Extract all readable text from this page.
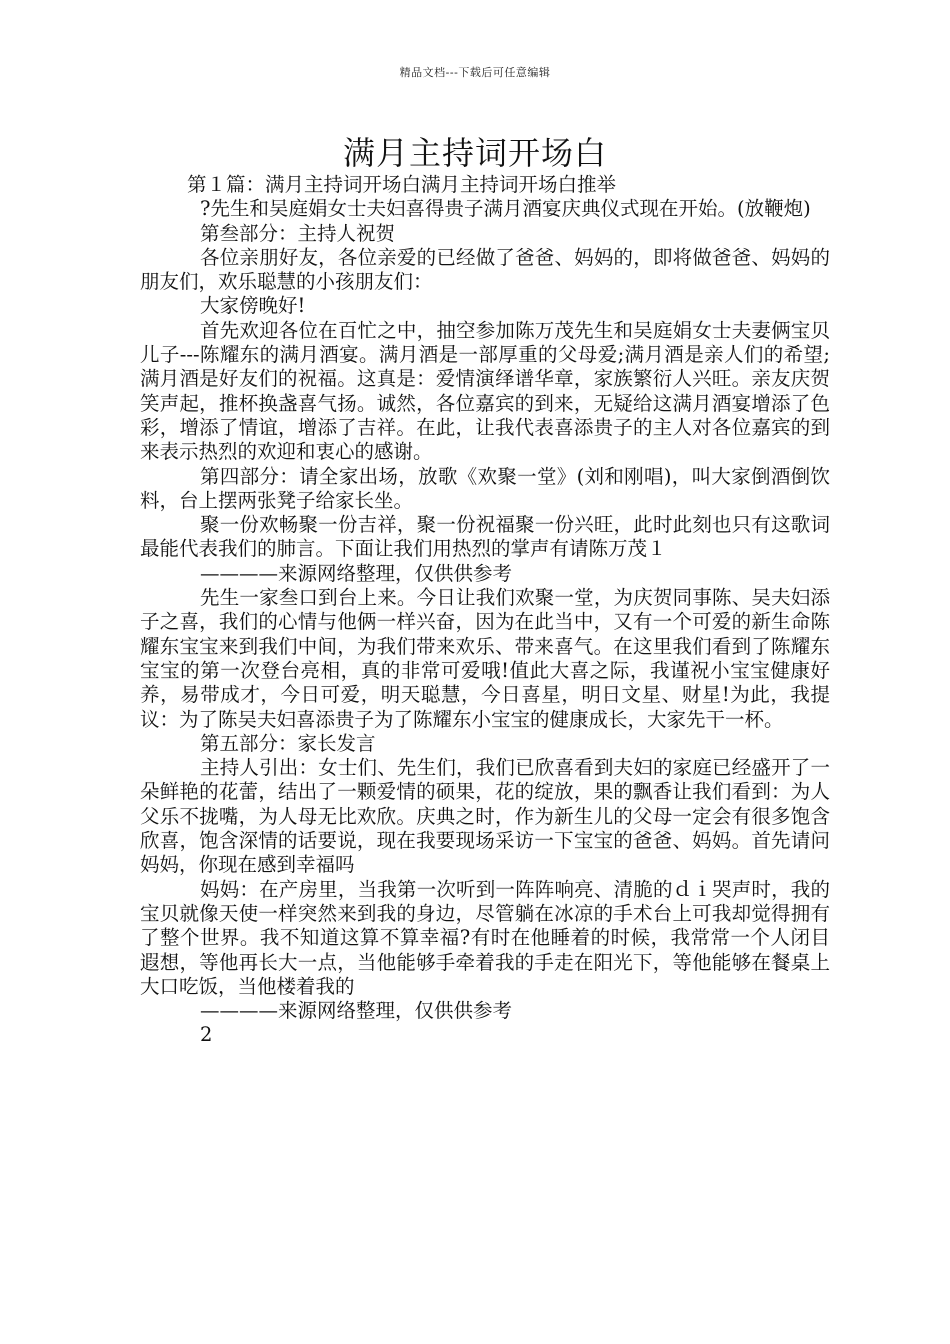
精品文档---下载后可任意编辑
满月主持词开场白

第１篇：满月主持词开场白满月主持词开场白推举

?先生和吴庭娟女士夫妇喜得贵子满月酒宴庆典仪式现在开始。(放鞭炮)

第叁部分：主持人祝贺

各位亲朋好友，各位亲爱的已经做了爸爸、妈妈的，即将做爸爸、妈妈的朋友们，欢乐聪慧的小孩朋友们：

大家傍晚好!

首先欢迎各位在百忙之中，抽空参加陈万茂先生和吴庭娟女士夫妻俩宝贝儿子---陈耀东的满月酒宴。满月酒是一部厚重的父母爱;满月酒是亲人们的希望;满月酒是好友们的祝福。这真是：爱情演绎谱华章，家族繁衍人兴旺。亲友庆贺笑声起，推杯换盏喜气扬。诚然，各位嘉宾的到来，无疑给这满月酒宴增添了色彩，增添了情谊，增添了吉祥。在此，让我代表喜添贵子的主人对各位嘉宾的到来表示热烈的欢迎和衷心的感谢。

第四部分：请全家出场，放歌《欢聚一堂》(刘和刚唱)，叫大家倒酒倒饮料，台上摆两张凳子给家长坐。

聚一份欢畅聚一份吉祥，聚一份祝福聚一份兴旺，此时此刻也只有这歌词最能代表我们的肺言。下面让我们用热烈的掌声有请陈万茂１

————来源网络整理，仅供供参考

先生一家叁口到台上来。今日让我们欢聚一堂，为庆贺同事陈、吴夫妇添子之喜，我们的心情与他俩一样兴奋，因为在此当中，又有一个可爱的新生命陈耀东宝宝来到我们中间，为我们带来欢乐、带来喜气。在这里我们看到了陈耀东宝宝的第一次登台亮相，真的非常可爱哦!值此大喜之际，我谨祝小宝宝健康好养，易带成才，今日可爱，明天聪慧，今日喜星，明日文星、财星!为此，我提议：为了陈吴夫妇喜添贵子为了陈耀东小宝宝的健康成长，大家先干一杯。

第五部分：家长发言

主持人引出：女士们、先生们，我们已欣喜看到夫妇的家庭已经盛开了一朵鲜艳的花蕾，结出了一颗爱情的硕果，花的绽放，果的飘香让我们看到：为人父乐不拢嘴，为人母无比欢欣。庆典之时，作为新生儿的父母一定会有很多饱含欣喜，饱含深情的话要说，现在我要现场采访一下宝宝的爸爸、妈妈。首先请问妈妈，你现在感到幸福吗

妈妈：在产房里，当我第一次听到一阵阵响亮、清脆的ｄｉ哭声时，我的宝贝就像天使一样突然来到我的身边，尽管躺在冰凉的手术台上可我却觉得拥有了整个世界。我不知道这算不算幸福?有时在他睡着的时候，我常常一个人闭目遐想，等他再长大一点，当他能够手牵着我的手走在阳光下，等他能够在餐桌上大口吃饭，当他楼着我的

————来源网络整理，仅供供参考

2
